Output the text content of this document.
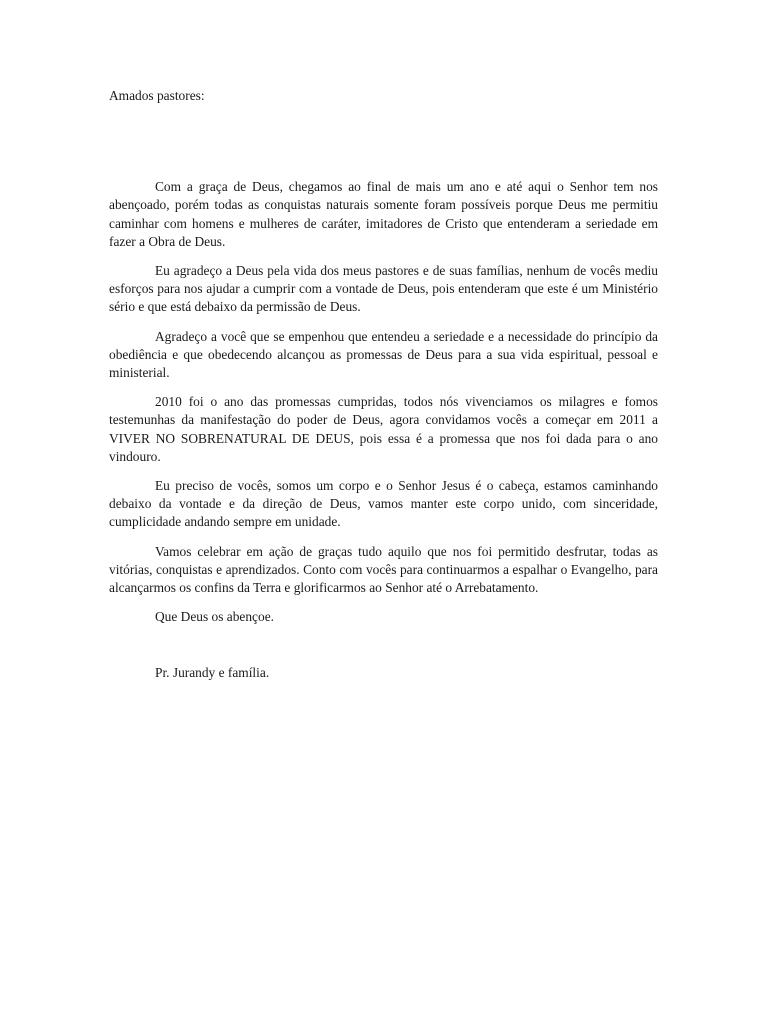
Amados pastores:

Com a graça de Deus, chegamos ao final de mais um ano e até aqui o Senhor tem nos abençoado, porém todas as conquistas naturais somente foram possíveis porque Deus me permitiu caminhar com homens e mulheres de caráter, imitadores de Cristo que entenderam a seriedade em fazer a Obra de Deus.

Eu agradeço a Deus pela vida dos meus pastores e de suas famílias, nenhum de vocês mediu esforços para nos ajudar a cumprir com a vontade de Deus, pois entenderam que este é um Ministério sério e que está debaixo da permissão de Deus.

Agradeço a você que se empenhou que entendeu a seriedade e a necessidade do princípio da obediência e que obedecendo alcançou as promessas de Deus para a sua vida espiritual, pessoal e ministerial.

2010 foi o ano das promessas cumpridas, todos nós vivenciamos os milagres e fomos testemunhas da manifestação do poder de Deus, agora convidamos vocês a começar em 2011 a VIVER NO SOBRENATURAL DE DEUS, pois essa é a promessa que nos foi dada para o ano vindouro.

Eu preciso de vocês, somos um corpo e o Senhor Jesus é o cabeça, estamos caminhando debaixo da vontade e da direção de Deus, vamos manter este corpo unido, com sinceridade, cumplicidade andando sempre em unidade.

Vamos celebrar em ação de graças tudo aquilo que nos foi permitido desfrutar, todas as vitórias, conquistas e aprendizados. Conto com vocês para continuarmos a espalhar o Evangelho, para alcançarmos os confins da Terra e glorificarmos ao Senhor até o Arrebatamento.

Que Deus os abençoe.

Pr. Jurandy e família.
